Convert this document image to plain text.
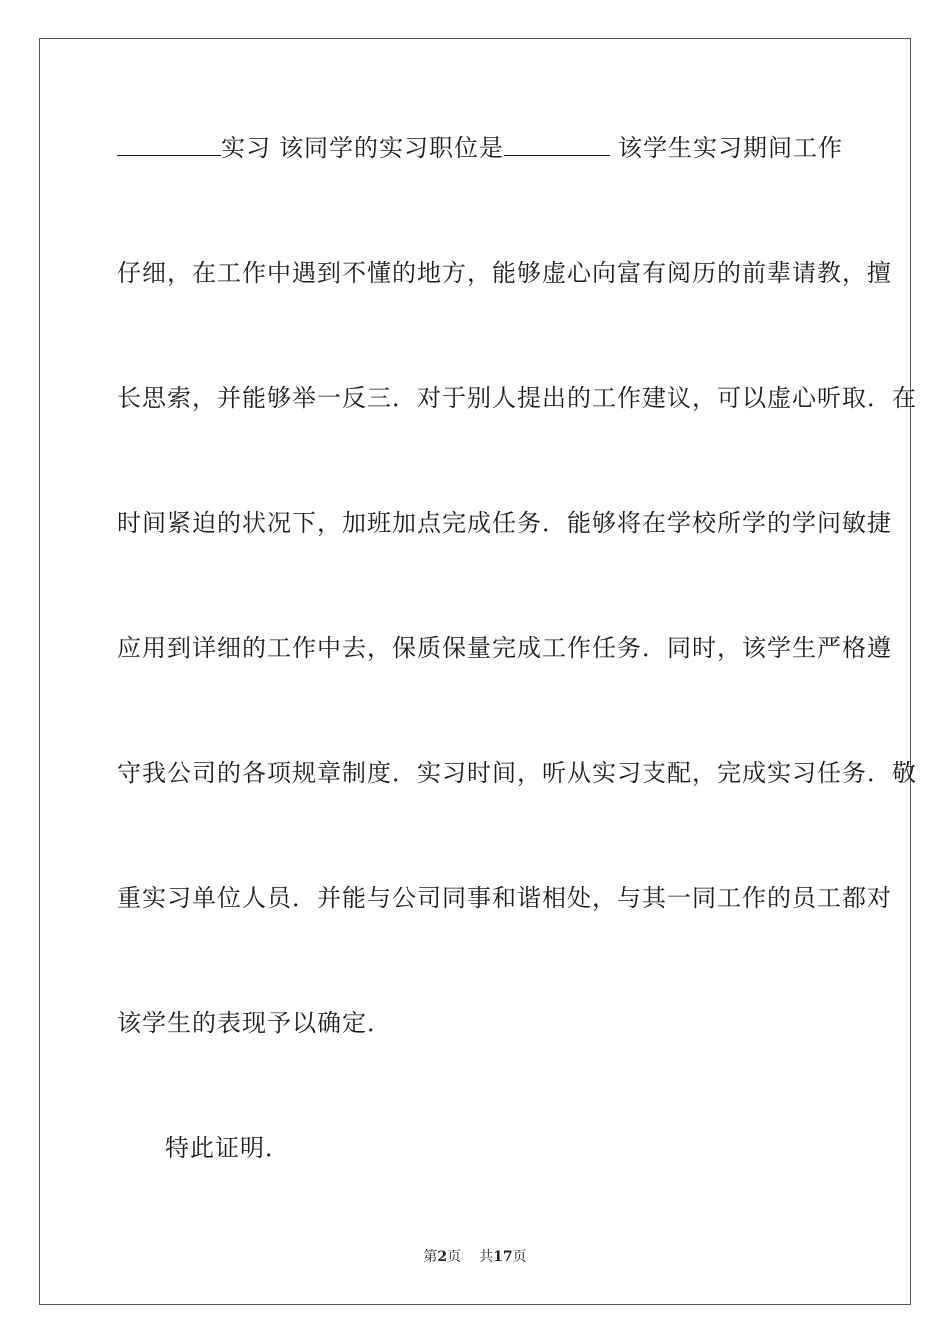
实习 该同学的实习职位是	该学生实习期间工作
仔细，在工作中遇到不懂的地方，能够虚心向富有阅历的前辈请教，擅
长思索，并能够举一反三．对于别人提出的工作建议，可以虚心听取．在
时间紧迫的状况下，加班加点完成任务．能够将在学校所学的学问敏捷
应用到详细的工作中去，保质保量完成工作任务．同时，该学生严格遵
守我公司的各项规章制度．实习时间，听从实习支配，完成实习任务．敬
重实习单位人员．并能与公司同事和谐相处，与其一同工作的员工都对
该学生的表现予以确定．
特此证明．
第2页 共17页
